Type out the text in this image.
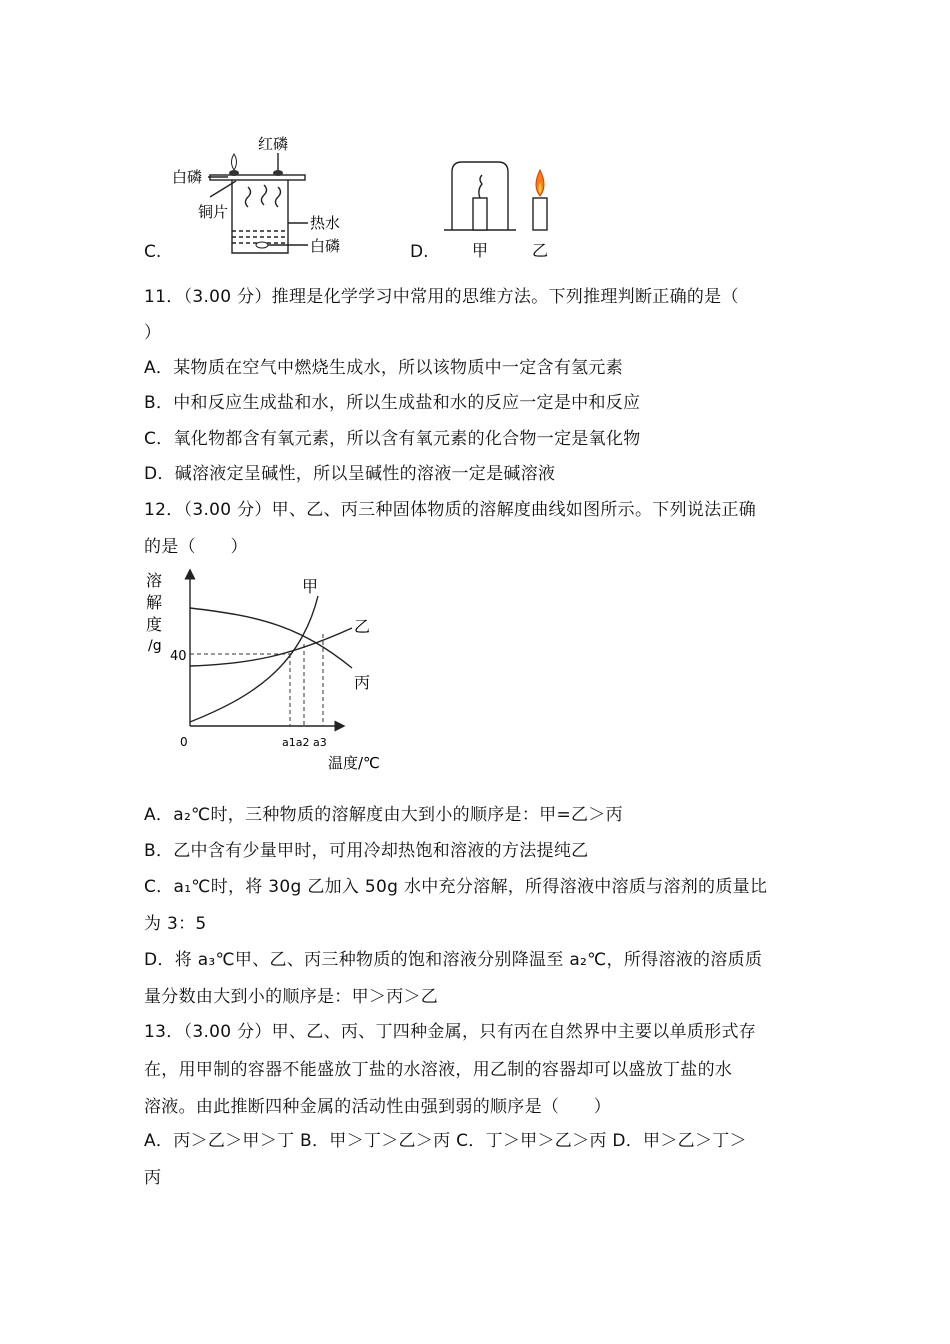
C.
红磷
白磷
铜片
热水
白磷	D.	甲	乙
11．（3.00 分）推理是化学学习中常用的思维方法。下列推理判断正确的是（
）
A．某物质在空气中燃烧生成水，所以该物质中一定含有氢元素
B．中和反应生成盐和水，所以生成盐和水的反应一定是中和反应
C．氧化物都含有氧元素，所以含有氧元素的化合物一定是氧化物
D．碱溶液定呈碱性，所以呈碱性的溶液一定是碱溶液
12．（3.00 分）甲、乙、丙三种固体物质的溶解度曲线如图所示。下列说法正确
的是（　　）
溶
解
度
/g
40
0	a1a2 a3
温度/℃
甲
乙
丙
A．a₂℃时，三种物质的溶解度由大到小的顺序是：甲=乙＞丙
B．乙中含有少量甲时，可用冷却热饱和溶液的方法提纯乙
C．a₁℃时，将 30g 乙加入 50g 水中充分溶解，所得溶液中溶质与溶剂的质量比
为 3：5
D．将 a₃℃甲、乙、丙三种物质的饱和溶液分别降温至 a₂℃，所得溶液的溶质质
量分数由大到小的顺序是：甲＞丙＞乙
13．（3.00 分）甲、乙、丙、丁四种金属，只有丙在自然界中主要以单质形式存
在，用甲制的容器不能盛放丁盐的水溶液，用乙制的容器却可以盛放丁盐的水
溶液。由此推断四种金属的活动性由强到弱的顺序是（　　）
A．丙＞乙＞甲＞丁 B．甲＞丁＞乙＞丙 C．丁＞甲＞乙＞丙 D．甲＞乙＞丁＞
丙
